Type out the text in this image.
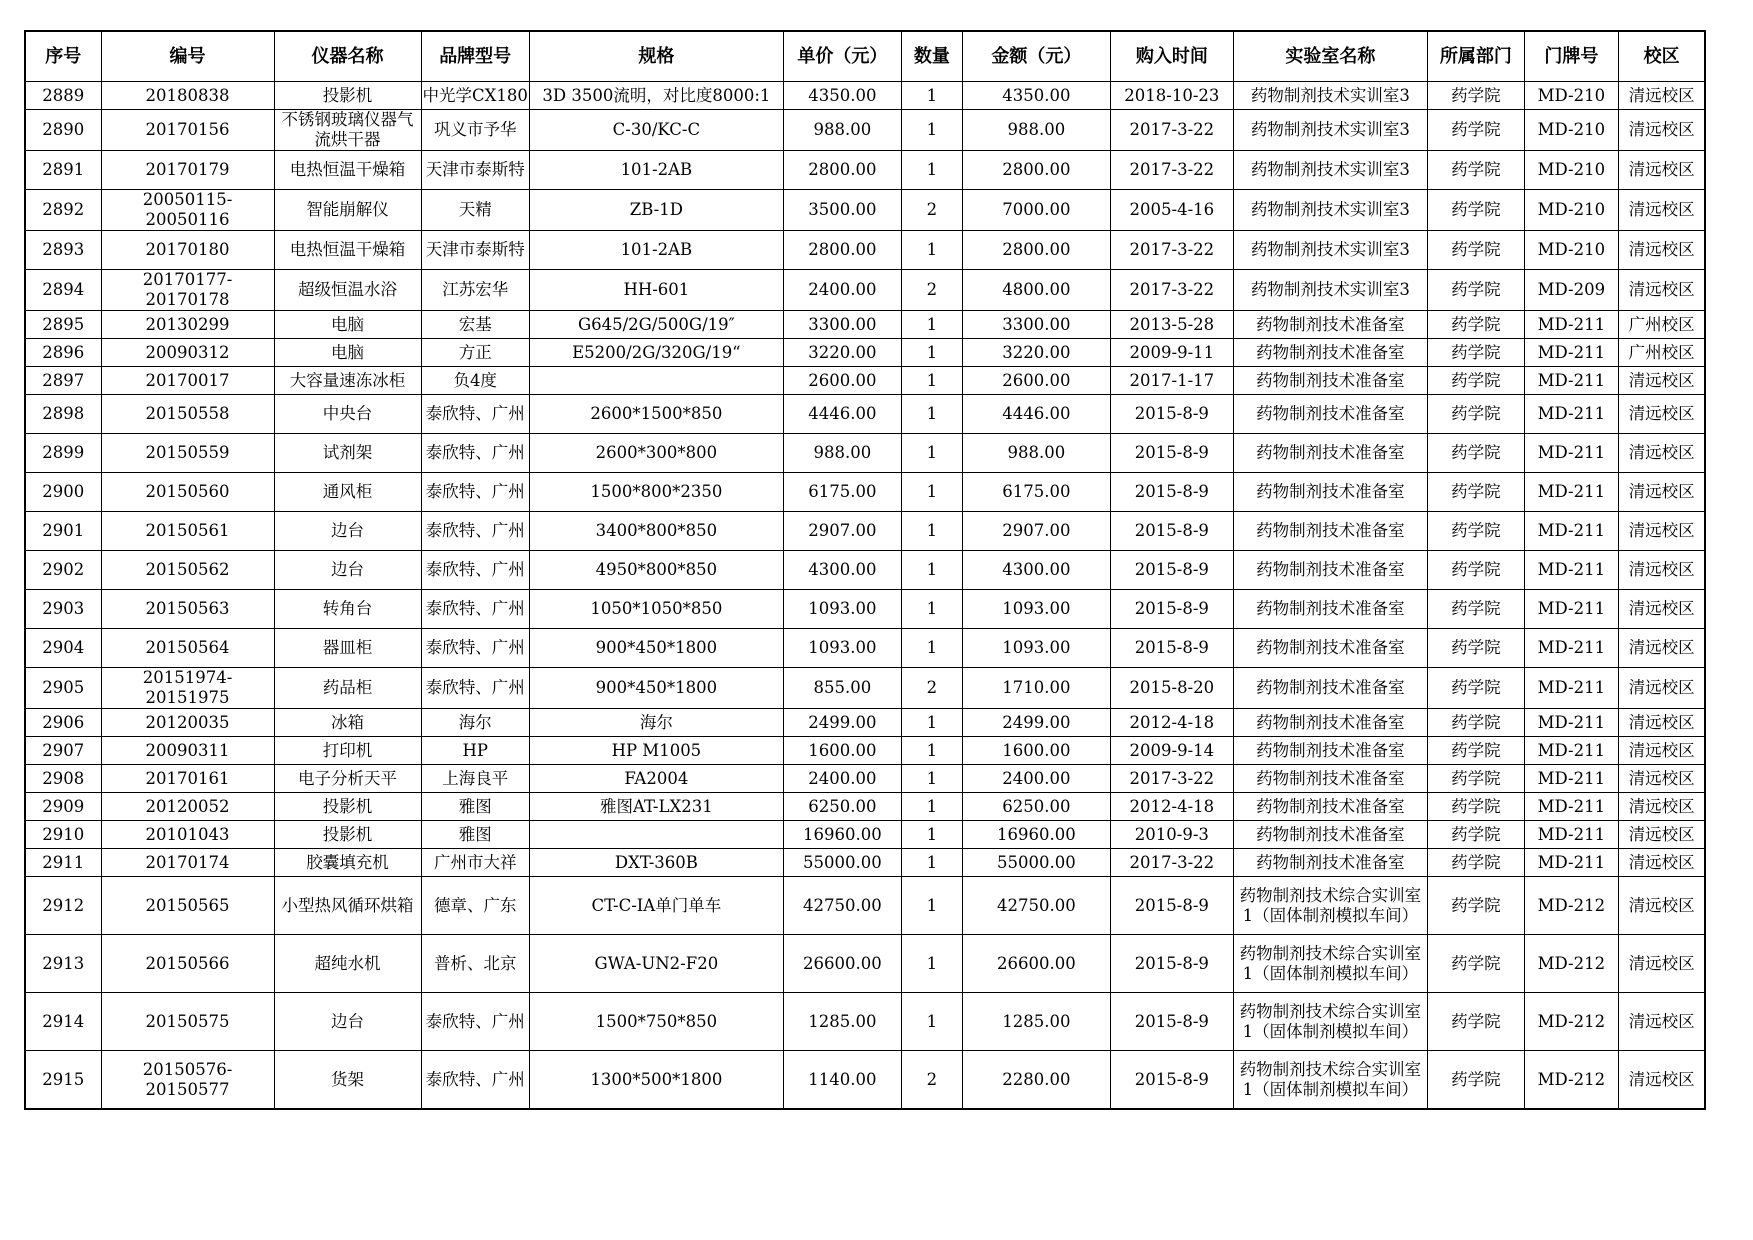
序号	编号	仪器名称	品牌型号	规格	单价（元）	数量	金额（元）	购入时间	实验室名称	所属部门	门牌号	校区

2889	20180838	投影机	中光学CX180	3D 3500流明，对比度8000:1	4350.00	1	4350.00	2018-10-23	药物制剂技术实训室3	药学院	MD-210	清远校区

2890	20170156	不锈钢玻璃仪器气流烘干器	巩义市予华	C-30/KC-C	988.00	1	988.00	2017-3-22	药物制剂技术实训室3	药学院	MD-210	清远校区

2891	20170179	电热恒温干燥箱	天津市泰斯特	101-2AB	2800.00	1	2800.00	2017-3-22	药物制剂技术实训室3	药学院	MD-210	清远校区

2892	20050115-20050116	智能崩解仪	天精	ZB-1D	3500.00	2	7000.00	2005-4-16	药物制剂技术实训室3	药学院	MD-210	清远校区

2893	20170180	电热恒温干燥箱	天津市泰斯特	101-2AB	2800.00	1	2800.00	2017-3-22	药物制剂技术实训室3	药学院	MD-210	清远校区

2894	20170177-20170178	超级恒温水浴	江苏宏华	HH-601	2400.00	2	4800.00	2017-3-22	药物制剂技术实训室3	药学院	MD-209	清远校区

2895	20130299	电脑	宏基	G645/2G/500G/19″	3300.00	1	3300.00	2013-5-28	药物制剂技术准备室	药学院	MD-211	广州校区

2896	20090312	电脑	方正	E5200/2G/320G/19“	3220.00	1	3220.00	2009-9-11	药物制剂技术准备室	药学院	MD-211	广州校区

2897	20170017	大容量速冻冰柜	负4度		2600.00	1	2600.00	2017-1-17	药物制剂技术准备室	药学院	MD-211	清远校区

2898	20150558	中央台	泰欣特、广州	2600*1500*850	4446.00	1	4446.00	2015-8-9	药物制剂技术准备室	药学院	MD-211	清远校区

2899	20150559	试剂架	泰欣特、广州	2600*300*800	988.00	1	988.00	2015-8-9	药物制剂技术准备室	药学院	MD-211	清远校区

2900	20150560	通风柜	泰欣特、广州	1500*800*2350	6175.00	1	6175.00	2015-8-9	药物制剂技术准备室	药学院	MD-211	清远校区

2901	20150561	边台	泰欣特、广州	3400*800*850	2907.00	1	2907.00	2015-8-9	药物制剂技术准备室	药学院	MD-211	清远校区

2902	20150562	边台	泰欣特、广州	4950*800*850	4300.00	1	4300.00	2015-8-9	药物制剂技术准备室	药学院	MD-211	清远校区

2903	20150563	转角台	泰欣特、广州	1050*1050*850	1093.00	1	1093.00	2015-8-9	药物制剂技术准备室	药学院	MD-211	清远校区

2904	20150564	器皿柜	泰欣特、广州	900*450*1800	1093.00	1	1093.00	2015-8-9	药物制剂技术准备室	药学院	MD-211	清远校区

2905	20151974-20151975	药品柜	泰欣特、广州	900*450*1800	855.00	2	1710.00	2015-8-20	药物制剂技术准备室	药学院	MD-211	清远校区

2906	20120035	冰箱	海尔	海尔	2499.00	1	2499.00	2012-4-18	药物制剂技术准备室	药学院	MD-211	清远校区

2907	20090311	打印机	HP	HP M1005	1600.00	1	1600.00	2009-9-14	药物制剂技术准备室	药学院	MD-211	清远校区

2908	20170161	电子分析天平	上海良平	FA2004	2400.00	1	2400.00	2017-3-22	药物制剂技术准备室	药学院	MD-211	清远校区

2909	20120052	投影机	雅图	雅图AT-LX231	6250.00	1	6250.00	2012-4-18	药物制剂技术准备室	药学院	MD-211	清远校区

2910	20101043	投影机	雅图		16960.00	1	16960.00	2010-9-3	药物制剂技术准备室	药学院	MD-211	清远校区

2911	20170174	胶囊填充机	广州市大祥	DXT-360B	55000.00	1	55000.00	2017-3-22	药物制剂技术准备室	药学院	MD-211	清远校区

2912	20150565	小型热风循环烘箱	德章、广东	CT-C-IA单门单车	42750.00	1	42750.00	2015-8-9	药物制剂技术综合实训室1（固体制剂模拟车间）	药学院	MD-212	清远校区

2913	20150566	超纯水机	普析、北京	GWA-UN2-F20	26600.00	1	26600.00	2015-8-9	药物制剂技术综合实训室1（固体制剂模拟车间）	药学院	MD-212	清远校区

2914	20150575	边台	泰欣特、广州	1500*750*850	1285.00	1	1285.00	2015-8-9	药物制剂技术综合实训室1（固体制剂模拟车间）	药学院	MD-212	清远校区

2915	20150576-20150577	货架	泰欣特、广州	1300*500*1800	1140.00	2	2280.00	2015-8-9	药物制剂技术综合实训室1（固体制剂模拟车间）	药学院	MD-212	清远校区
